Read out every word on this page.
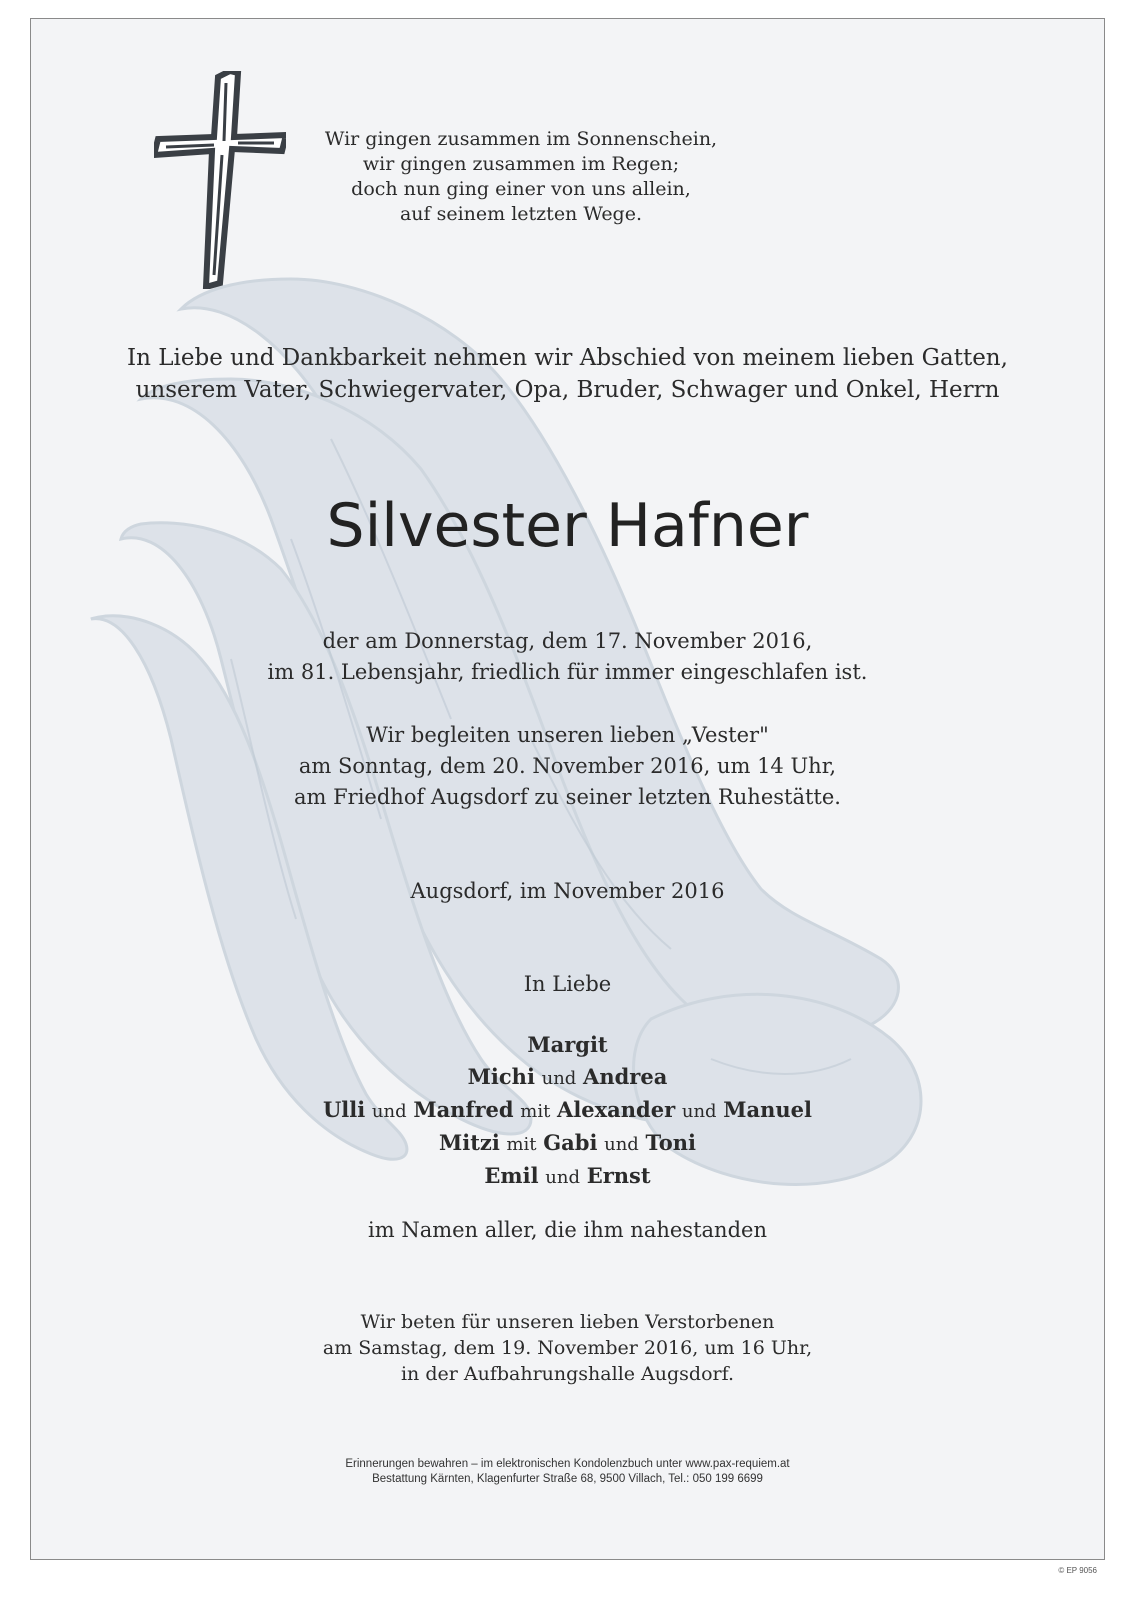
Wir gingen zusammen im Sonnenschein,
wir gingen zusammen im Regen;
doch nun ging einer von uns allein,
auf seinem letzten Wege.
In Liebe und Dankbarkeit nehmen wir Abschied von meinem lieben Gatten,
unserem Vater, Schwiegervater, Opa, Bruder, Schwager und Onkel, Herrn
Silvester Hafner
der am Donnerstag, dem 17. November 2016,
im 81. Lebensjahr, friedlich für immer eingeschlafen ist.
Wir begleiten unseren lieben „Vester"
am Sonntag, dem 20. November 2016, um 14 Uhr,
am Friedhof Augsdorf zu seiner letzten Ruhestätte.
Augsdorf, im November 2016
In Liebe
Margit
Michi und Andrea
Ulli und Manfred mit Alexander und Manuel
Mitzi mit Gabi und Toni
Emil und Ernst
im Namen aller, die ihm nahestanden
Wir beten für unseren lieben Verstorbenen
am Samstag, dem 19. November 2016, um 16 Uhr,
in der Aufbahrungshalle Augsdorf.
Erinnerungen bewahren – im elektronischen Kondolenzbuch unter www.pax-requiem.at
Bestattung Kärnten, Klagenfurter Straße 68, 9500 Villach, Tel.: 050 199 6699
© EP 9056
